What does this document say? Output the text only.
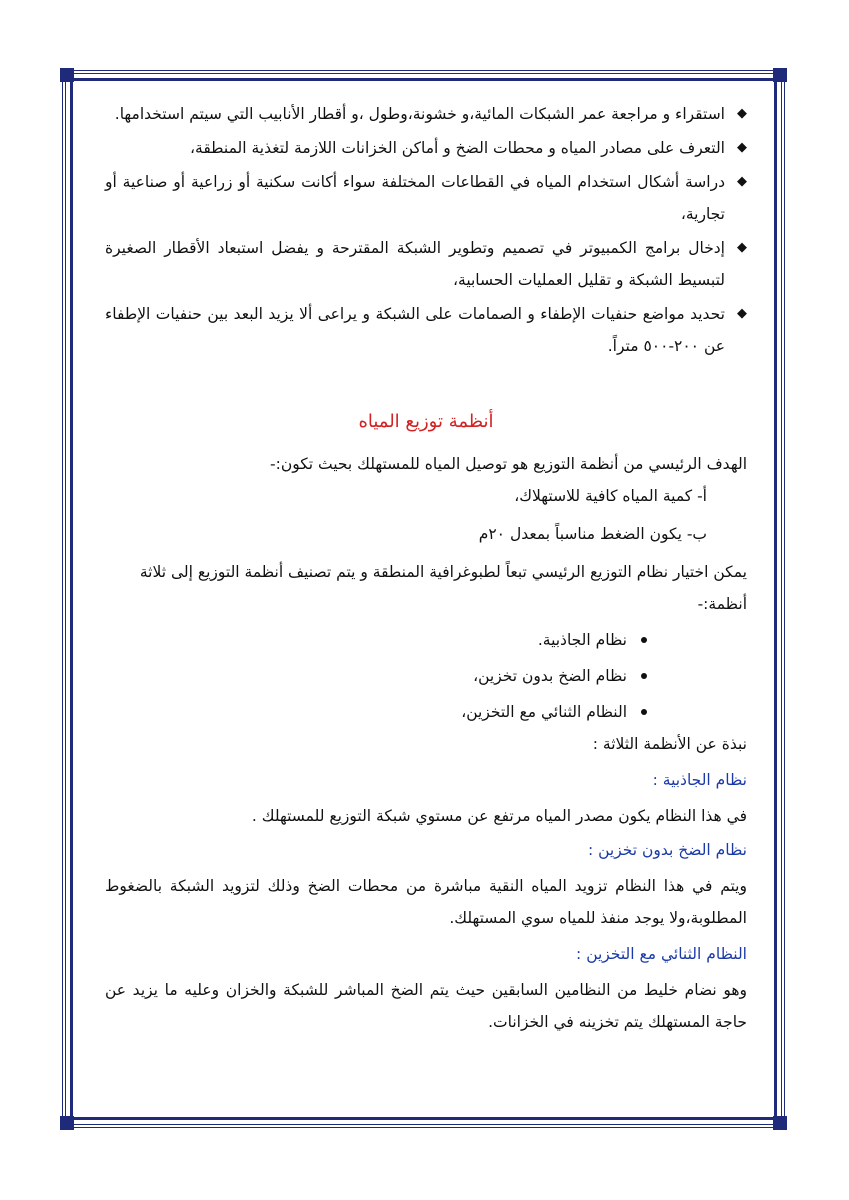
◆
استقراء و مراجعة عمر الشبكات المائية،و خشونة،وطول ،و أقطار الأنابيب التي سيتم استخدامها.
◆
التعرف على مصادر المياه و محطات الضخ و أماكن الخزانات اللازمة لتغذية المنطقة،
◆
دراسة أشكال استخدام المياه في القطاعات المختلفة سواء أكانت سكنية أو زراعية أو صناعية أو تجارية،
◆
إدخال برامج الكمبيوتر في تصميم وتطوير الشبكة المقترحة و يفضل استبعاد الأقطار الصغيرة لتبسيط الشبكة و تقليل العمليات الحسابية،
◆
تحديد مواضع حنفيات الإطفاء و الصمامات على الشبكة و يراعى ألا يزيد البعد بين حنفيات الإطفاء عن ٢٠٠-٥٠٠ متراً.
أنظمة توزيع المياه

الهدف الرئيسي من أنظمة التوزيع هو توصيل المياه للمستهلك بحيث تكون:-

أ- كمية المياه كافية للاستهلاك،

ب- يكون الضغط مناسباً بمعدل ٢٠م

يمكن اختيار نظام التوزيع الرئيسي تبعاً لطبوغرافية المنطقة و يتم تصنيف أنظمة التوزيع إلى ثلاثة أنظمة:-

نظام الجاذبية.
نظام الضخ بدون تخزين،
النظام الثنائي مع التخزين،

نبذة عن الأنظمة الثلاثة :

نظام الجاذبية :

في هذا النظام يكون مصدر المياه مرتفع عن مستوي شبكة التوزيع للمستهلك .

نظام الضخ بدون تخزين :

ويتم في هذا النظام تزويد المياه النقية مباشرة من محطات الضخ وذلك لتزويد الشبكة بالضغوط المطلوبة،ولا يوجد منفذ للمياه سوي المستهلك.

النظام الثنائي مع التخزين :

وهو نضام خليط من النظامين السابقين حيث يتم الضخ المباشر للشبكة والخزان وعليه ما يزيد عن حاجة المستهلك يتم تخزينه في الخزانات.
